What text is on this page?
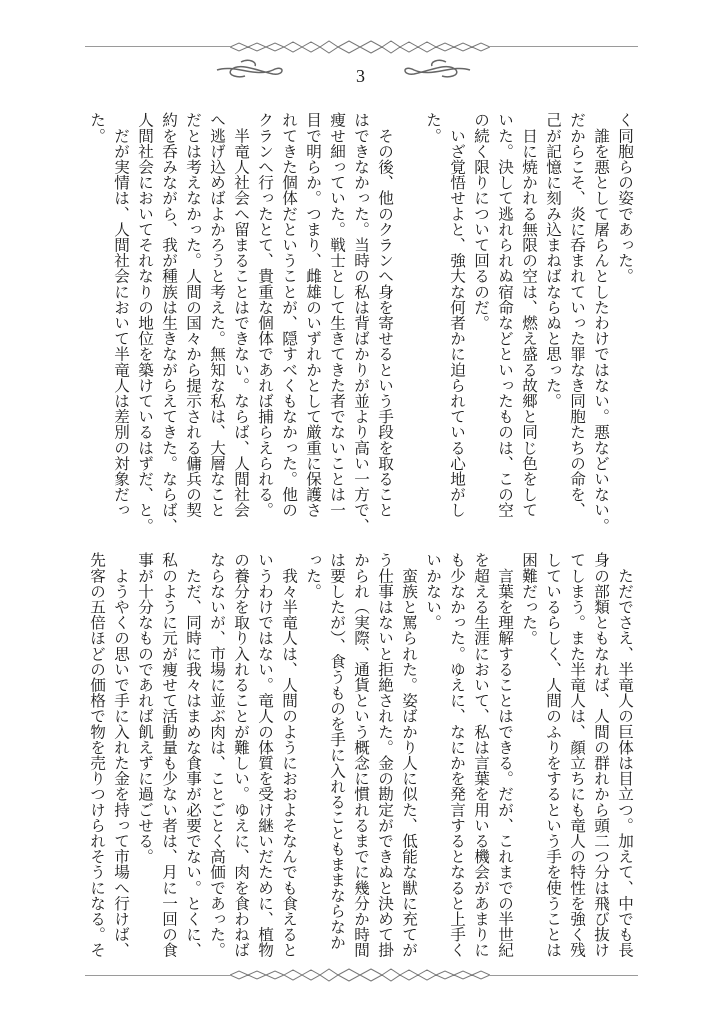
3

く同胞らの姿であった。

　誰を悪として屠らんとしたわけではない。悪などいない。

だからこそ、炎に呑まれていった罪なき同胞たちの命を、

己が記憶に刻み込まねばならぬと思った。

　日に焼かれる無限の空は、燃え盛る故郷と同じ色をして

いた。決して逃れられぬ宿命などといったものは、この空

の続く限りについて回るのだ。

　いざ覚悟せよと、強大な何者かに迫られている心地がし

た。

　その後、他のクランへ身を寄せるという手段を取ること

はできなかった。当時の私は背ばかりが並より高い一方で、

痩せ細っていた。戦士として生きてきた者でないことは一

目で明らか。つまり、雌雄のいずれかとして厳重に保護さ

れてきた個体だということが、隠すべくもなかった。他の

クランへ行ったとて、貴重な個体であれば捕らえられる。

　半竜人社会へ留まることはできない。ならば、人間社会

へ逃げ込めばよかろうと考えた。無知な私は、大層なこと

だとは考えなかった。人間の国々から提示される傭兵の契

約を呑みながら、我が種族は生きながらえてきた。ならば、

人間社会においてそれなりの地位を築けているはずだ、と。

　だが実情は、人間社会において半竜人は差別の対象だっ

た。

　ただでさえ、半竜人の巨体は目立つ。加えて、中でも長

身の部類ともなれば、人間の群れから頭二つ分は飛び抜け

てしまう。また半竜人は、顔立ちにも竜人の特性を強く残

しているらしく、人間のふりをするという手を使うことは

困難だった。

　言葉を理解することはできる。だが、これまでの半世紀

を超える生涯において、私は言葉を用いる機会があまりに

も少なかった。ゆえに、なにかを発言するとなると上手く

いかない。

　蛮族と罵られた。姿ばかり人に似た、低能な獣に充てが

う仕事はないと拒絶された。金の勘定ができぬと決めて掛

かられ（実際、通貨という概念に慣れるまでに幾分か時間

は要したが）、食うものを手に入れることもままならなか

った。

　我々半竜人は、人間のようにおおよそなんでも食えると

いうわけではない。竜人の体質を受け継いだために、植物

の養分を取り入れることが難しい。ゆえに、肉を食わねば

ならないが、市場に並ぶ肉は、ことごとく高価であった。

　ただ、同時に我々はまめな食事が必要でない。とくに、

私のように元が痩せて活動量も少ない者は、月に一回の食

事が十分なものであれば飢えずに過ごせる。

　ようやくの思いで手に入れた金を持って市場へ行けば、

先客の五倍ほどの価格で物を売りつけられそうになる。そ
